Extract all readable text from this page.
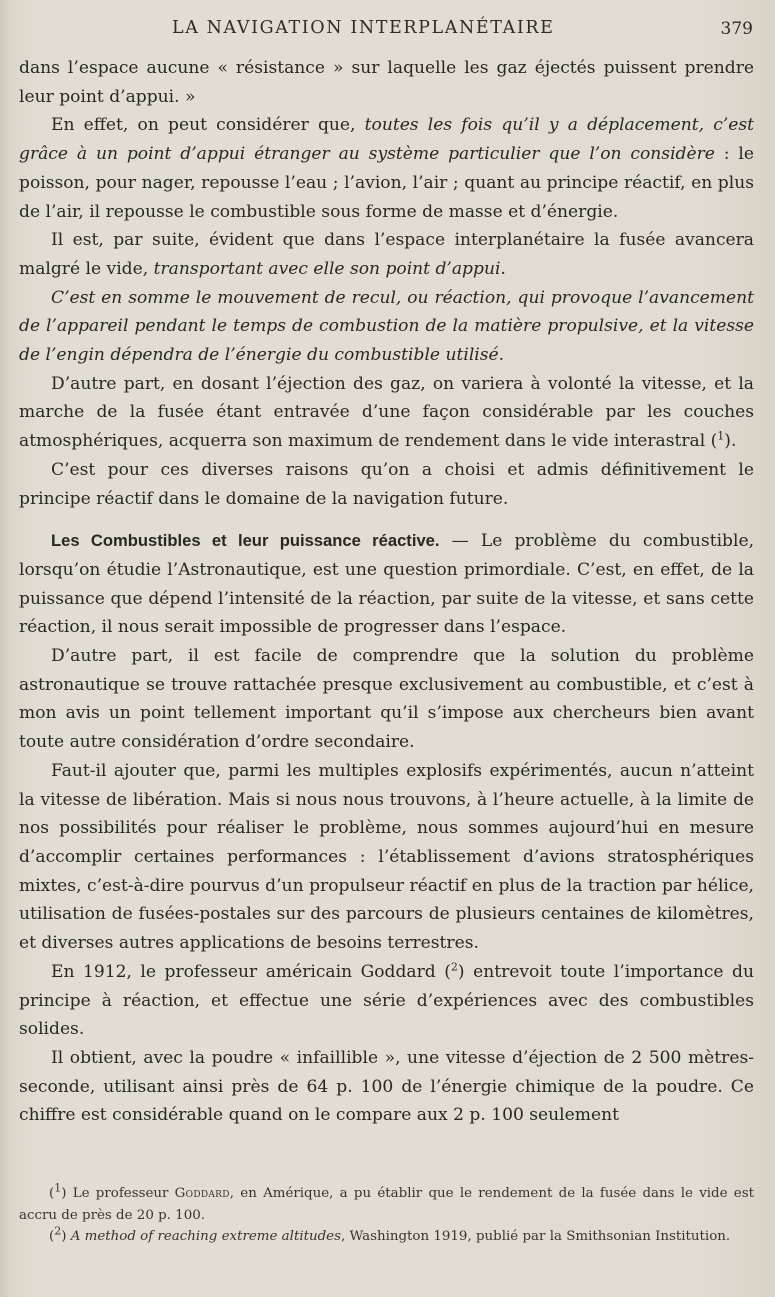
LA NAVIGATION INTERPLANÉTAIRE	379

dans l’espace aucune « résistance » sur laquelle les gaz éjectés puissent prendre leur point d’appui. »

En effet, on peut considérer que, toutes les fois qu’il y a déplacement, c’est grâce à un point d’appui étranger au système particulier que l’on considère : le poisson, pour nager, repousse l’eau ; l’avion, l’air ; quant au principe réactif, en plus de l’air, il repousse le combustible sous forme de masse et d’énergie.

Il est, par suite, évident que dans l’espace interplanétaire la fusée avancera malgré le vide, transportant avec elle son point d’appui.

C’est en somme le mouvement de recul, ou réaction, qui provoque l’avancement de l’appareil pendant le temps de combustion de la matière propulsive, et la vitesse de l’engin dépendra de l’énergie du combustible utilisé.

D’autre part, en dosant l’éjection des gaz, on variera à volonté la vitesse, et la marche de la fusée étant entravée d’une façon considérable par les couches atmosphériques, acquerra son maximum de rendement dans le vide interastral ($^1$).

C’est pour ces diverses raisons qu’on a choisi et admis définitivement le principe réactif dans le domaine de la navigation future.

Les Combustibles et leur puissance réactive. — Le problème du combustible, lorsqu’on étudie l’Astronautique, est une question primordiale. C’est, en effet, de la puissance que dépend l’intensité de la réaction, par suite de la vitesse, et sans cette réaction, il nous serait impossible de progresser dans l’espace.

D’autre part, il est facile de comprendre que la solution du problème astronautique se trouve rattachée presque exclusivement au combustible, et c’est à mon avis un point tellement important qu’il s’impose aux chercheurs bien avant toute autre considération d’ordre secondaire.

Faut-il ajouter que, parmi les multiples explosifs expérimentés, aucun n’atteint la vitesse de libération. Mais si nous nous trouvons, à l’heure actuelle, à la limite de nos possibilités pour réaliser le problème, nous sommes aujourd’hui en mesure d’accomplir certaines performances : l’établissement d’avions stratosphériques mixtes, c’est-à-dire pourvus d’un propulseur réactif en plus de la traction par hélice, utilisation de fusées-postales sur des parcours de plusieurs centaines de kilomètres, et diverses autres applications de besoins terrestres.

En 1912, le professeur américain Goddard ($^2$) entrevoit toute l’importance du principe à réaction, et effectue une série d’expériences avec des combustibles solides.

Il obtient, avec la poudre « infaillible », une vitesse d’éjection de 2 500 mètres-seconde, utilisant ainsi près de 64 p. 100 de l’énergie chimique de la poudre. Ce chiffre est considérable quand on le compare aux 2 p. 100 seulement

($^1$) Le professeur Goddard, en Amérique, a pu établir que le rendement de la fusée dans le vide est accru de près de 20 p. 100.

($^2$) A method of reaching extreme altitudes, Washington 1919, publié par la Smithsonian Institution.
